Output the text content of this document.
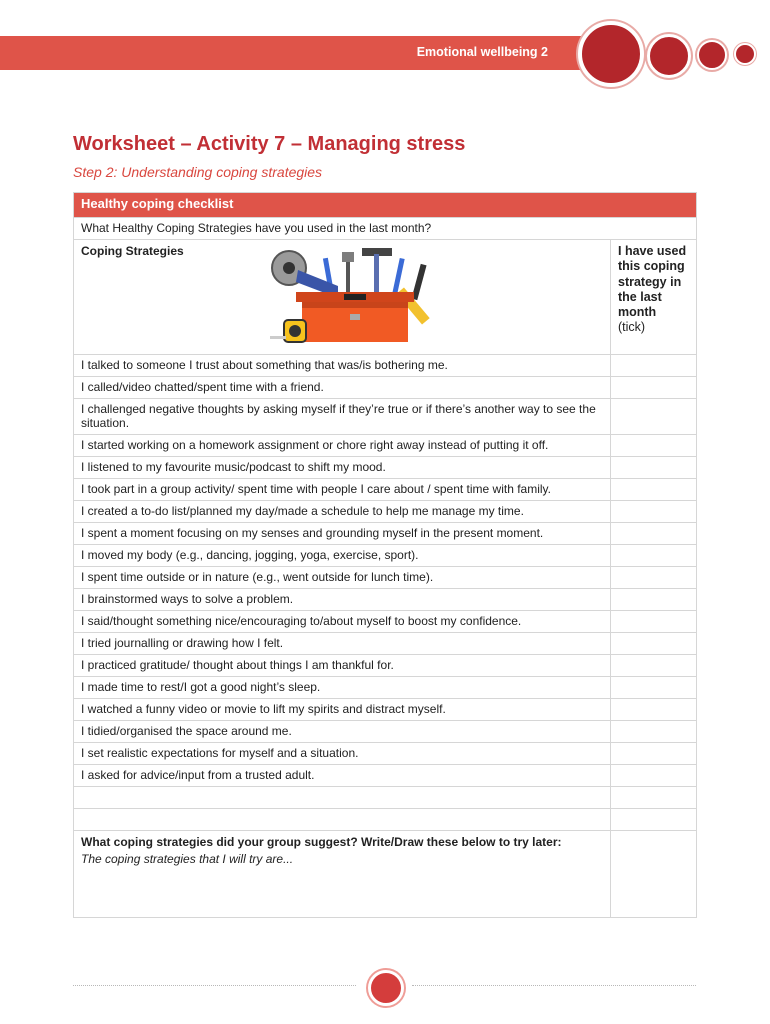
Emotional wellbeing 2
Worksheet – Activity 7 – Managing stress
Step 2: Understanding coping strategies
Healthy coping checklist	
What Healthy Coping Strategies have you used in the last month?	
Coping Strategies	I have used this coping strategy in the last month
(tick)
I talked to someone I trust about something that was/is bothering me.	
I called/video chatted/spent time with a friend.	
I challenged negative thoughts by asking myself if they’re true or if there’s another way to see the situation.	
I started working on a homework assignment or chore right away instead of putting it off.	
I listened to my favourite music/podcast to shift my mood.	
I took part in a group activity/ spent time with people I care about / spent time with family.	
I created a to-do list/planned my day/made a schedule to help me manage my time.	
I spent a moment focusing on my senses and grounding myself in the present moment.	
I moved my body (e.g., dancing, jogging, yoga, exercise, sport).	
I spent time outside or in nature (e.g., went outside for lunch time).	
I brainstormed ways to solve a problem.	
I said/thought something nice/encouraging to/about myself to boost my confidence.	
I tried journalling or drawing how I felt.	
I practiced gratitude/ thought about things I am thankful for.	
I made time to rest/I got a good night’s sleep.	
I watched a funny video or movie to lift my spirits and distract myself.	
I tidied/organised the space around me.	
I set realistic expectations for myself and a situation.	
I asked for advice/input from a trusted adult.	

What coping strategies did your group suggest? Write/Draw these below to try later:
The coping strategies that I will try are...	
